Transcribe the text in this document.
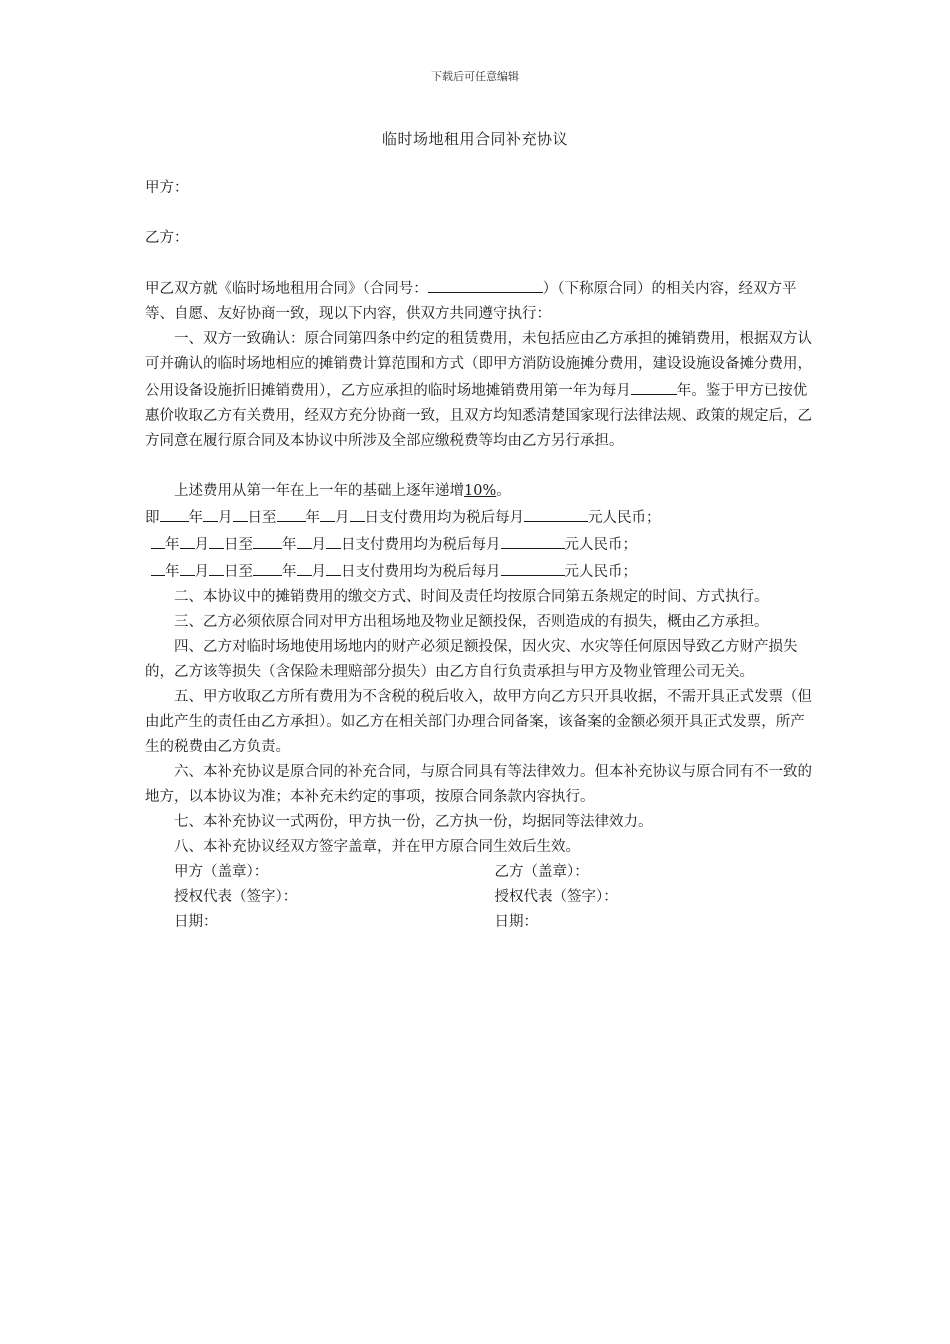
下载后可任意编辑
临时场地租用合同补充协议

甲方：

乙方：

甲乙双方就《临时场地租用合同》（合同号：	）（下称原合同）的相关内容，经双方平等、自愿、友好协商一致，现以下内容，供双方共同遵守执行：

一、双方一致确认：原合同第四条中约定的租赁费用，未包括应由乙方承担的摊销费用，根据双方认可并确认的临时场地相应的摊销费计算范围和方式（即甲方消防设施摊分费用，建设设施设备摊分费用，公用设备设施折旧摊销费用），乙方应承担的临时场地摊销费用第一年为每月	年。鉴于甲方已按优惠价收取乙方有关费用，经双方充分协商一致，且双方均知悉清楚国家现行法律法规、政策的规定后，乙方同意在履行原合同及本协议中所涉及全部应缴税费等均由乙方另行承担。

上述费用从第一年在上一年的基础上逐年递增10%。

即 年 月 日至 年 月 日支付费用均为税后每月	元人民币；

年 月 日至 年 月 日支付费用均为税后每月	元人民币；

年 月 日至 年 月 日支付费用均为税后每月	元人民币；

二、本协议中的摊销费用的缴交方式、时间及责任均按原合同第五条规定的时间、方式执行。

三、乙方必须依原合同对甲方出租场地及物业足额投保，否则造成的有损失，概由乙方承担。

四、乙方对临时场地使用场地内的财产必须足额投保，因火灾、水灾等任何原因导致乙方财产损失的，乙方该等损失（含保险未理赔部分损失）由乙方自行负责承担与甲方及物业管理公司无关。

五、甲方收取乙方所有费用为不含税的税后收入，故甲方向乙方只开具收据，不需开具正式发票（但由此产生的责任由乙方承担）。如乙方在相关部门办理合同备案，该备案的金额必须开具正式发票，所产生的税费由乙方负责。

六、本补充协议是原合同的补充合同，与原合同具有等法律效力。但本补充协议与原合同有不一致的地方，以本协议为准；本补充未约定的事项，按原合同条款内容执行。

七、本补充协议一式两份，甲方执一份，乙方执一份，均据同等法律效力。

八、本补充协议经双方签字盖章，并在甲方原合同生效后生效。

甲方（盖章）：	乙方（盖章）：
授权代表（签字）：	授权代表（签字）：
日期：	日期：
